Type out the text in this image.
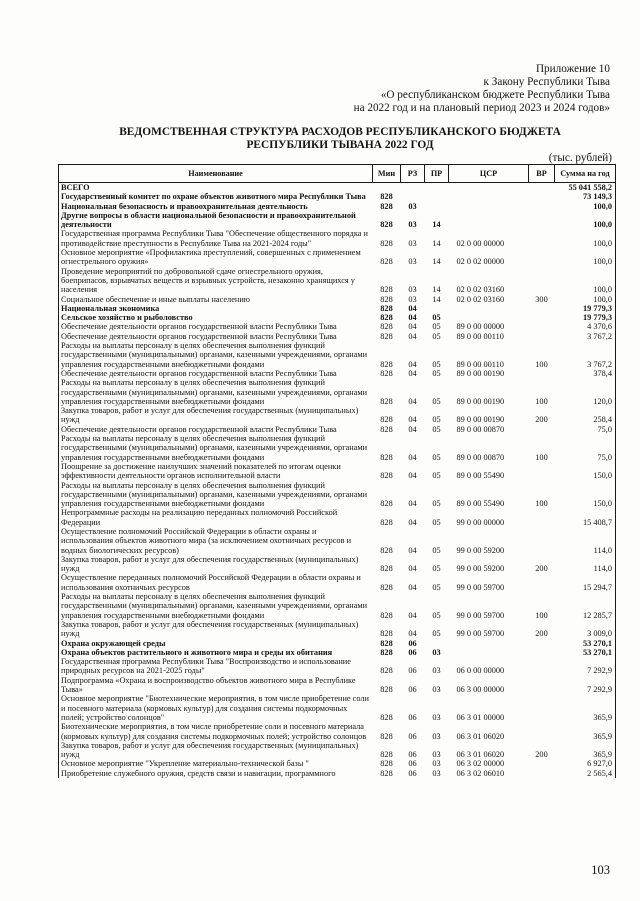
Приложение 10
к Закону Республики Тыва
«О республиканском бюджете Республики Тыва
на 2022 год и на плановый период 2023 и 2024 годов»
ВЕДОМСТВЕННАЯ СТРУКТУРА РАСХОДОВ РЕСПУБЛИКАНСКОГО БЮДЖЕТА
РЕСПУБЛИКИ ТЫВАНА 2022 ГОД
(тыс. рублей)
Наименование	Мин	РЗ	ПР	ЦСР	ВР	Сумма на год
ВСЕГО						55 041 558,2
Государственный комитет по охране объектов животного мира Республики Тыва	828					73 149,3
Национальная безопасность и правоохранительная деятельность	828	03				100,0
Другие вопросы в области национальной безопасности и правоохранительной деятельности	828	03	14			100,0
Государственная программа Республики Тыва "Обеспечение общественного порядка и противодействие преступности в Республике Тыва на 2021-2024 годы"	828	03	14	02 0 00 00000		100,0
Основное мероприятие «Профилактика преступлений, совершенных с применением огнестрельного оружия»	828	03	14	02 0 02 00000		100,0
Проведение мероприятий по добровольной сдаче огнестрельного оружия, боеприпасов, взрывчатых веществ и взрывных устройств, незаконно хранящихся у населения	828	03	14	02 0 02 03160		100,0
Социальное обеспечение и иные выплаты населению	828	03	14	02 0 02 03160	300	100,0
Национальная экономика	828	04				19 779,3
Сельское хозяйство и рыболовство	828	04	05			19 779,3
Обеспечение деятельности органов государственной власти Республики Тыва	828	04	05	89 0 00 00000		4 370,6
Обеспечение деятельности органов государственной власти Республики Тыва	828	04	05	89 0 00 00110		3 767,2
Расходы на выплаты персоналу в целях обеспечения выполнения функций государственными (муниципальными) органами, казенными учреждениями, органами управления государственными внебюджетными фондами	828	04	05	89 0 00 00110	100	3 767,2
Обеспечение деятельности органов государственной власти Республики Тыва	828	04	05	89 0 00 00190		378,4
Расходы на выплаты персоналу в целях обеспечения выполнения функций государственными (муниципальными) органами, казенными учреждениями, органами управления государственными внебюджетными фондами	828	04	05	89 0 00 00190	100	120,0
Закупка товаров, работ и услуг для обеспечения государственных (муниципальных) нужд	828	04	05	89 0 00 00190	200	258,4
Обеспечение деятельности органов государственной власти Республики Тыва	828	04	05	89 0 00 00870		75,0
Расходы на выплаты персоналу в целях обеспечения выполнения функций государственными (муниципальными) органами, казенными учреждениями, органами управления государственными внебюджетными фондами	828	04	05	89 0 00 00870	100	75,0
Поощрение за достижение наилучших значений показателей по итогам оценки эффективности деятельности органов исполнительной власти	828	04	05	89 0 00 55490		150,0
Расходы на выплаты персоналу в целях обеспечения выполнения функций государственными (муниципальными) органами, казенными учреждениями, органами управления государственными внебюджетными фондами	828	04	05	89 0 00 55490	100	150,0
Непрограммные расходы на реализацию переданных полномочий Российской Федерации	828	04	05	99 0 00 00000		15 408,7
Осуществление полномочий Российской Федерации в области охраны и использования объектов животного мира (за исключением охотничьих ресурсов и водных биологических ресурсов)	828	04	05	99 0 00 59200		114,0
Закупка товаров, работ и услуг для обеспечения государственных (муниципальных) нужд	828	04	05	99 0 00 59200	200	114,0
Осуществление переданных полномочий Российской Федерации в области охраны и использования охотничьих ресурсов	828	04	05	99 0 00 59700		15 294,7
Расходы на выплаты персоналу в целях обеспечения выполнения функций государственными (муниципальными) органами, казенными учреждениями, органами управления государственными внебюджетными фондами	828	04	05	99 0 00 59700	100	12 285,7
Закупка товаров, работ и услуг для обеспечения государственных (муниципальных) нужд	828	04	05	99 0 00 59700	200	3 009,0
Охрана окружающей среды	828	06				53 270,1
Охрана объектов растительного и животного мира и среды их обитания	828	06	03			53 270,1
Государственная программа Республики Тыва "Воспроизводство и использование природных ресурсов на 2021-2025 годы"	828	06	03	06 0 00 00000		7 292,9
Подпрограмма «Охрана и воспроизводство объектов животного мира в Республике Тыва»	828	06	03	06 3 00 00000		7 292,9
Основное мероприятие "Биотехнические мероприятия, в том числе приобретение соли и посевного материала (кормовых культур) для создания системы подкормочных полей; устройство солонцов"	828	06	03	06 3 01 00000		365,9
Биотехнические мероприятия, в том числе приобретение соли и посевного материала (кормовых культур) для создания системы подкормочных полей; устройство солонцов	828	06	03	06 3 01 06020		365,9
Закупка товаров, работ и услуг для обеспечения государственных (муниципальных) нужд	828	06	03	06 3 01 06020	200	365,9
Основное мероприятие "Укрепление материально-технической базы "	828	06	03	06 3 02 00000		6 927,0
Приобретение служебного оружия, средств связи и навигации, программного	828	06	03	06 3 02 06010		2 565,4
103
